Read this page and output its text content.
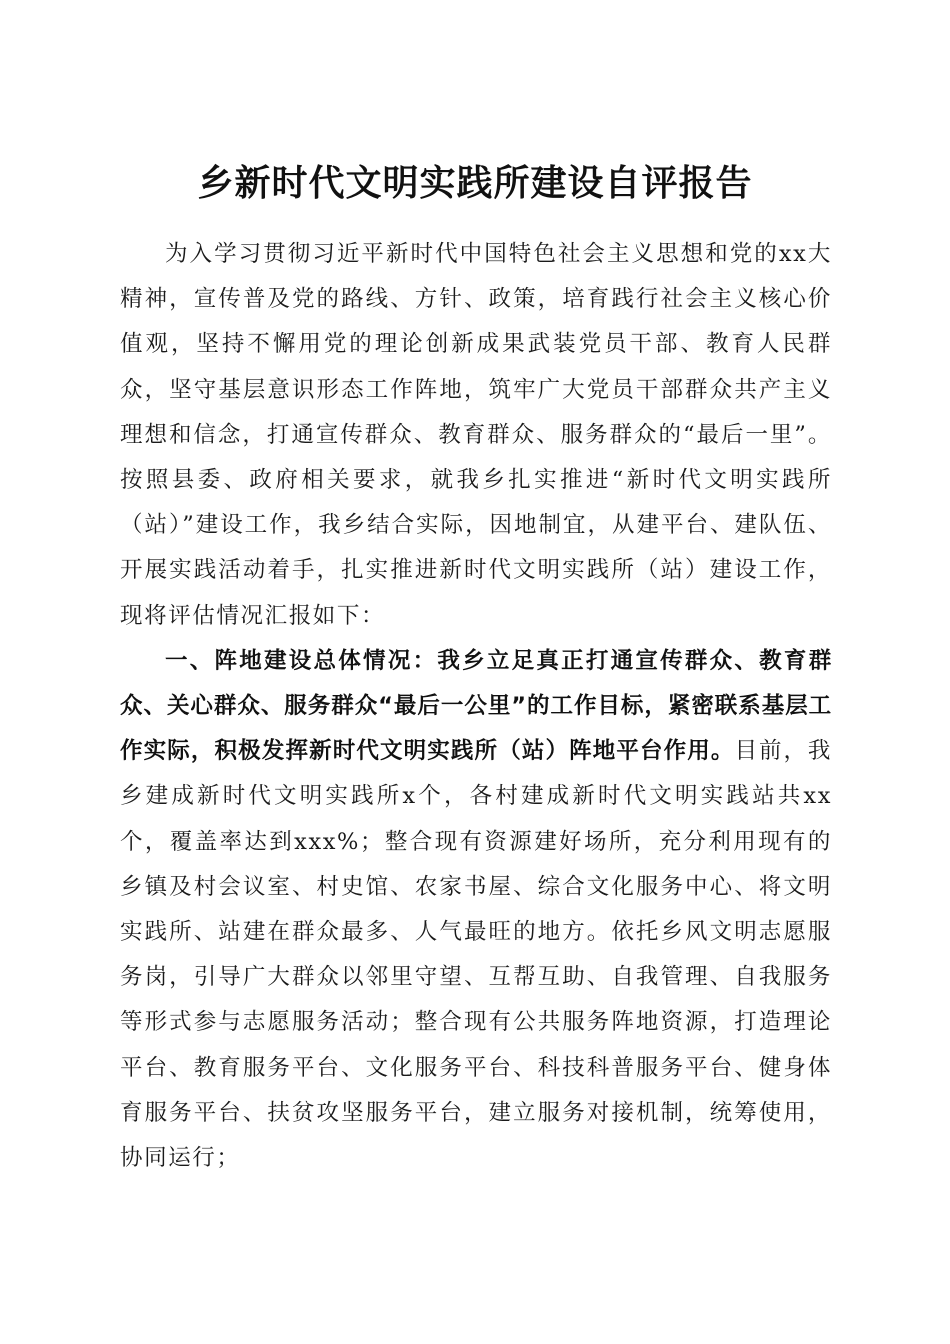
乡新时代文明实践所建设自评报告

为入学习贯彻习近平新时代中国特色社会主义思想和党的xx大精神，宣传普及党的路线、方针、政策，培育践行社会主义核心价值观，坚持不懈用党的理论创新成果武装党员干部、教育人民群众，坚守基层意识形态工作阵地，筑牢广大党员干部群众共产主义理想和信念，打通宣传群众、教育群众、服务群众的“最后一里”。按照县委、政府相关要求，就我乡扎实推进“新时代文明实践所（站）”建设工作，我乡结合实际，因地制宜，从建平台、建队伍、开展实践活动着手，扎实推进新时代文明实践所（站）建设工作，现将评估情况汇报如下：

一、阵地建设总体情况：我乡立足真正打通宣传群众、教育群众、关心群众、服务群众“最后一公里”的工作目标，紧密联系基层工作实际，积极发挥新时代文明实践所（站）阵地平台作用。目前，我乡建成新时代文明实践所x个，各村建成新时代文明实践站共xx个，覆盖率达到xxx%；整合现有资源建好场所，充分利用现有的乡镇及村会议室、村史馆、农家书屋、综合文化服务中心、将文明实践所、站建在群众最多、人气最旺的地方。依托乡风文明志愿服务岗，引导广大群众以邻里守望、互帮互助、自我管理、自我服务等形式参与志愿服务活动；整合现有公共服务阵地资源，打造理论平台、教育服务平台、文化服务平台、科技科普服务平台、健身体育服务平台、扶贫攻坚服务平台，建立服务对接机制，统筹使用，协同运行；
